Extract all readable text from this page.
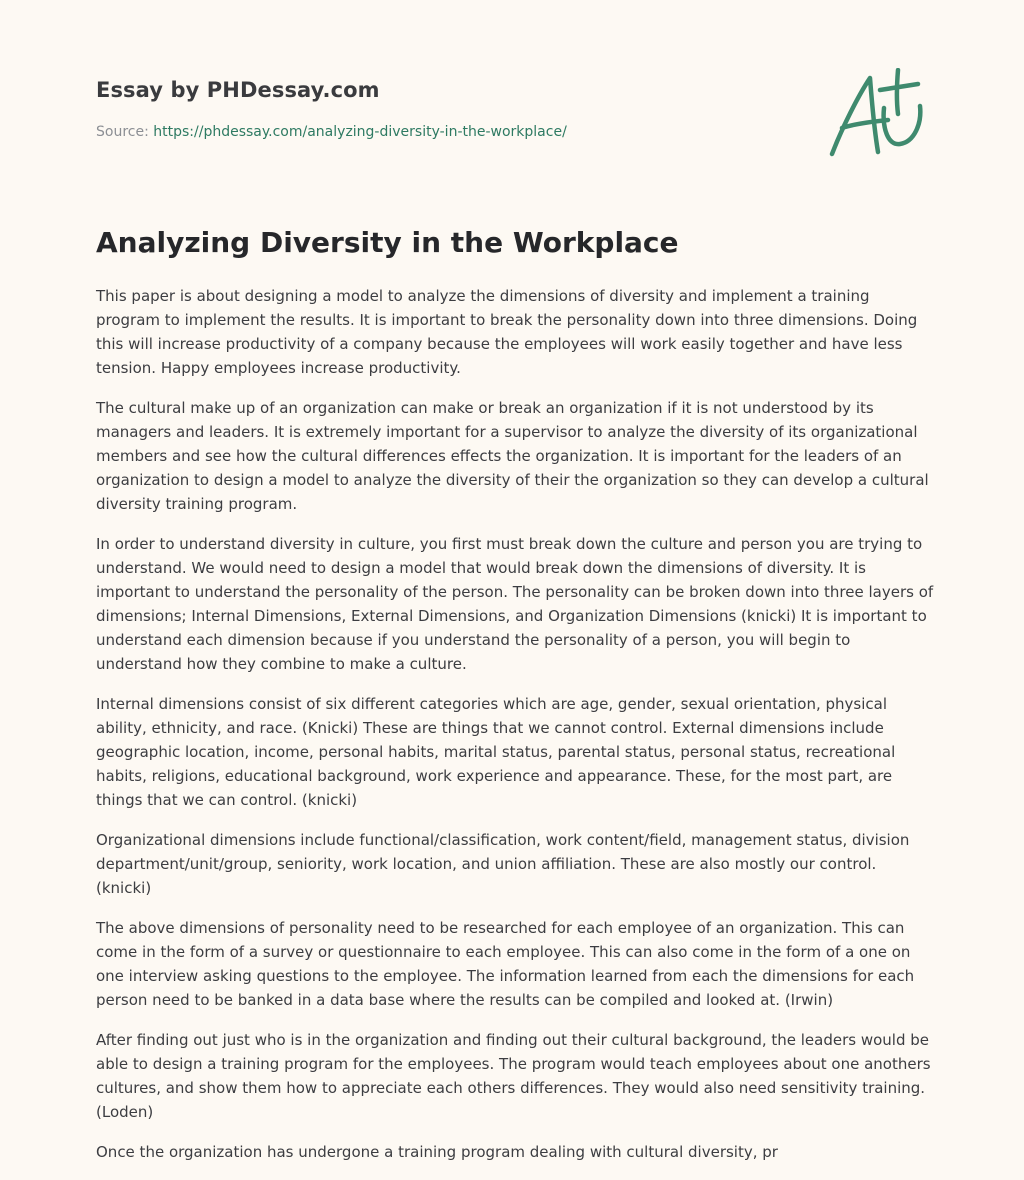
Essay by PHDessay.com
Source: https://phdessay.com/analyzing-diversity-in-the-workplace/
Analyzing Diversity in the Workplace

This paper is about designing a model to analyze the dimensions of diversity and implement a training program to implement the results. It is important to break the personality down into three dimensions. Doing this will increase productivity of a company because the employees will work easily together and have less tension. Happy employees increase productivity.

The cultural make up of an organization can make or break an organization if it is not understood by its managers and leaders. It is extremely important for a supervisor to analyze the diversity of its organizational members and see how the cultural differences effects the organization. It is important for the leaders of an organization to design a model to analyze the diversity of their the organization so they can develop a cultural diversity training program.

In order to understand diversity in culture, you first must break down the culture and person you are trying to understand. We would need to design a model that would break down the dimensions of diversity. It is important to understand the personality of the person. The personality can be broken down into three layers of dimensions; Internal Dimensions, External Dimensions, and Organization Dimensions (knicki) It is important to understand each dimension because if you understand the personality of a person, you will begin to understand how they combine to make a culture.

Internal dimensions consist of six different categories which are age, gender, sexual orientation, physical ability, ethnicity, and race. (Knicki) These are things that we cannot control. External dimensions include geographic location, income, personal habits, marital status, parental status, personal status, recreational habits, religions, educational background, work experience and appearance. These, for the most part, are things that we can control. (knicki)

Organizational dimensions include functional/classification, work content/field, management status, division department/unit/group, seniority, work location, and union affiliation. These are also mostly our control. (knicki)

The above dimensions of personality need to be researched for each employee of an organization. This can come in the form of a survey or questionnaire to each employee. This can also come in the form of a one on one interview asking questions to the employee. The information learned from each the dimensions for each person need to be banked in a data base where the results can be compiled and looked at. (Irwin)

After finding out just who is in the organization and finding out their cultural background, the leaders would be able to design a training program for the employees. The program would teach employees about one anothers cultures, and show them how to appreciate each others differences. They would also need sensitivity training. (Loden)

Once the organization has undergone a training program dealing with cultural diversity, pr
